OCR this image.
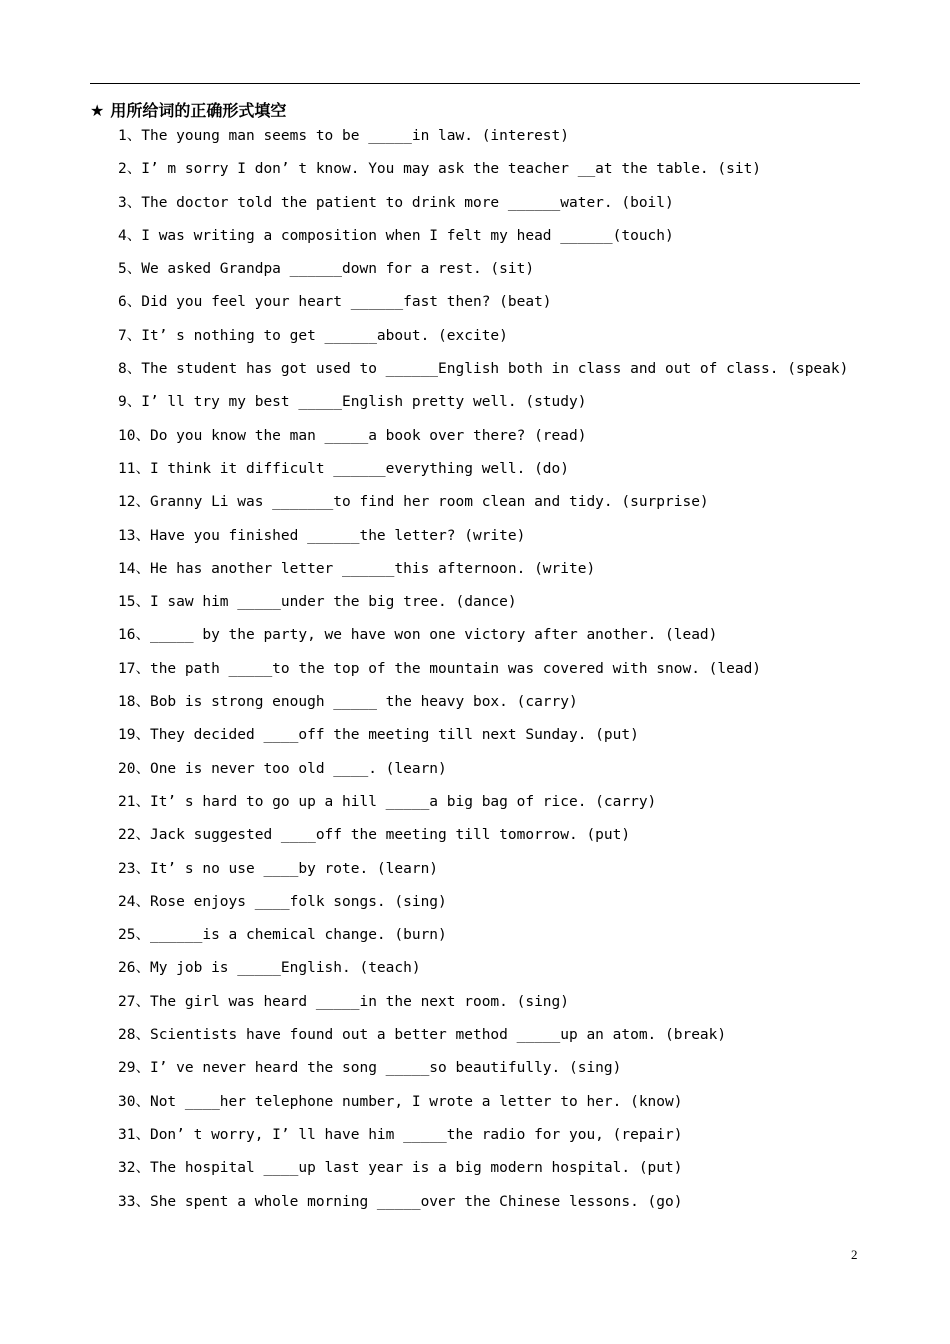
★ 用所给词的正确形式填空
1、The young man seems to be _____in law. (interest)
2、I’ m sorry I don’ t know. You may ask the teacher __at the table. (sit)
3、The doctor told the patient to drink more ______water. (boil)
4、I was writing a composition when I felt my head ______(touch)
5、We asked Grandpa ______down for a rest. (sit)
6、Did you feel your heart ______fast then? (beat)
7、It’ s nothing to get ______about. (excite)
8、The student has got used to ______English both in class and out of class. (speak)
9、I’ ll try my best _____English pretty well. (study)
10、Do you know the man _____a book over there? (read)
11、I think it difficult ______everything well. (do)
12、Granny Li was _______to find her room clean and tidy. (surprise)
13、Have you finished ______the letter? (write)
14、He has another letter ______this afternoon. (write)
15、I saw him _____under the big tree. (dance)
16、_____ by the party, we have won one victory after another. (lead)
17、the path _____to the top of the mountain was covered with snow. (lead)
18、Bob is strong enough _____ the heavy box. (carry)
19、They decided ____off the meeting till next Sunday. (put)
20、One is never too old ____. (learn)
21、It’ s hard to go up a hill _____a big bag of rice. (carry)
22、Jack suggested ____off the meeting till tomorrow. (put)
23、It’ s no use ____by rote. (learn)
24、Rose enjoys ____folk songs. (sing)
25、______is a chemical change. (burn)
26、My job is _____English. (teach)
27、The girl was heard _____in the next room. (sing)
28、Scientists have found out a better method _____up an atom. (break)
29、I’ ve never heard the song _____so beautifully. (sing)
30、Not ____her telephone number, I wrote a letter to her. (know)
31、Don’ t worry, I’ ll have him _____the radio for you, (repair)
32、The hospital ____up last year is a big modern hospital. (put)
33、She spent a whole morning _____over the Chinese lessons. (go)
2
